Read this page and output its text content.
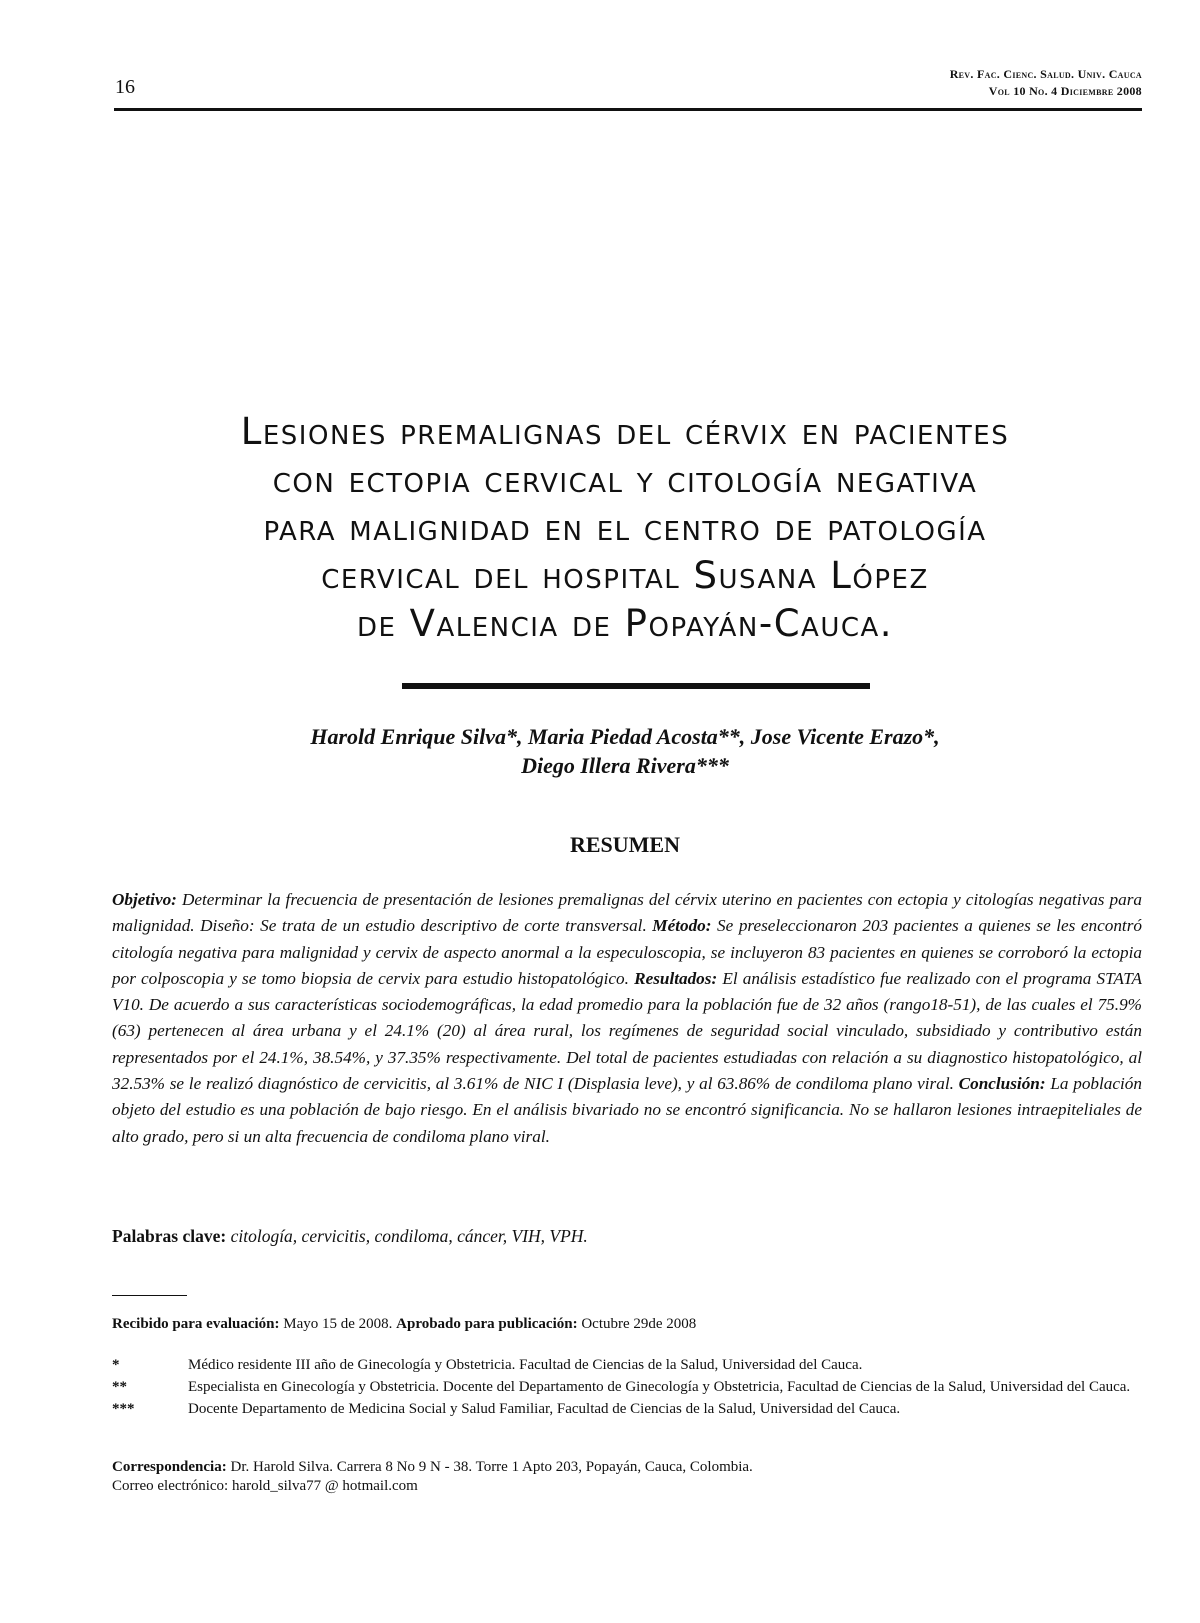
16
Rev. Fac. Cienc. Salud. Univ. Cauca
Vol 10 No. 4 Diciembre 2008
Lesiones premalignas del cérvix en pacientes
con ectopia cervical y citología negativa
para malignidad en el centro de patología
cervical del hospital Susana López
de Valencia de Popayán-Cauca.
Harold Enrique Silva*, Maria Piedad Acosta**, Jose Vicente Erazo*,
Diego Illera Rivera***
RESUMEN
Objetivo: Determinar la frecuencia de presentación de lesiones premalignas del cérvix uterino en pacientes con ectopia y citologías negativas para malignidad. Diseño: Se trata de un estudio descriptivo de corte transversal. Método: Se preseleccionaron 203 pacientes a quienes se les encontró citología negativa para malignidad y cervix de aspecto anormal a la especuloscopia, se incluyeron 83 pacientes en quienes se corroboró la ectopia por colposcopia y se tomo biopsia de cervix para estudio histopatológico. Resultados: El análisis estadístico fue realizado con el programa STATA V10. De acuerdo a sus características sociodemográficas, la edad promedio para la población fue de 32 años (rango18-51), de las cuales el 75.9% (63) pertenecen al área urbana y el 24.1% (20) al área rural, los regímenes de seguridad social vinculado, subsidiado y contributivo están representados por el 24.1%, 38.54%, y 37.35% respectivamente. Del total de pacientes estudiadas con relación a su diagnostico histopatológico, al 32.53% se le realizó diagnóstico de cervicitis, al 3.61% de NIC I (Displasia leve), y al 63.86% de condiloma plano viral. Conclusión: La población objeto del estudio es una población de bajo riesgo. En el análisis bivariado no se encontró significancia. No se hallaron lesiones intraepiteliales de alto grado, pero si un alta frecuencia de condiloma plano viral.
Palabras clave: citología, cervicitis, condiloma, cáncer, VIH, VPH.
Recibido para evaluación: Mayo 15 de 2008. Aprobado para publicación: Octubre 29de 2008
*	Médico residente III año de Ginecología y Obstetricia. Facultad de Ciencias de la Salud, Universidad del Cauca.
**	Especialista en Ginecología y Obstetricia. Docente del Departamento de Ginecología y Obstetricia, Facultad de Ciencias de la Salud, Universidad del Cauca.
***	Docente Departamento de Medicina Social y Salud Familiar, Facultad de Ciencias de la Salud, Universidad del Cauca.
Correspondencia: Dr. Harold Silva. Carrera 8 No 9 N - 38. Torre 1 Apto 203, Popayán, Cauca, Colombia.
Correo electrónico: harold_silva77 @ hotmail.com
